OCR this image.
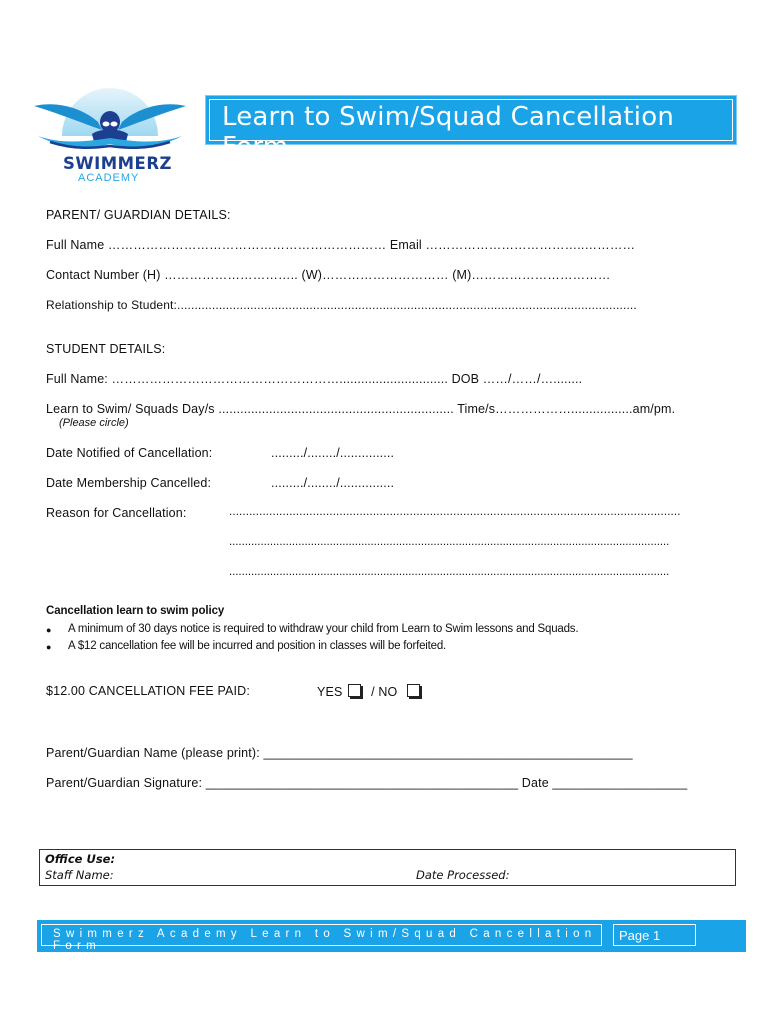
SWIMMERZ
ACADEMY
Learn to Swim/Squad Cancellation Form
PARENT/ GUARDIAN DETAILS:
Full Name ………………………………………………………… Email ………………………………..…………
Contact Number (H) ………………………….. (W)………………………… (M)……………………………
Relationship to Student:....................................................................................................................................
STUDENT DETAILS:
Full Name: ……………………………………………….............................. DOB ……/……/…........
Learn to Swim/ Squads Day/s ................................................................. Time/s……………….................am/pm.
(Please circle)
Date Notified of Cancellation:	........./......../...............
Date Membership Cancelled:	........./......../...............
Reason for Cancellation:	.......................................................................................................................................
............................................................................................................................................
............................................................................................................................................
Cancellation learn to swim policy
● A minimum of 30 days notice is required to withdraw your child from Learn to Swim lessons and Squads.
● A $12 cancellation fee will be incurred and position in classes will be forfeited.
$12.00 CANCELLATION FEE PAID:	YES / NO
Parent/Guardian Name (please print): ____________________________________________________
Parent/Guardian Signature: ____________________________________________ Date ___________________
Office Use:
Staff Name:	Date Processed:
Swimmerz Academy Learn to Swim/Squad Cancellation Form
Page 1
